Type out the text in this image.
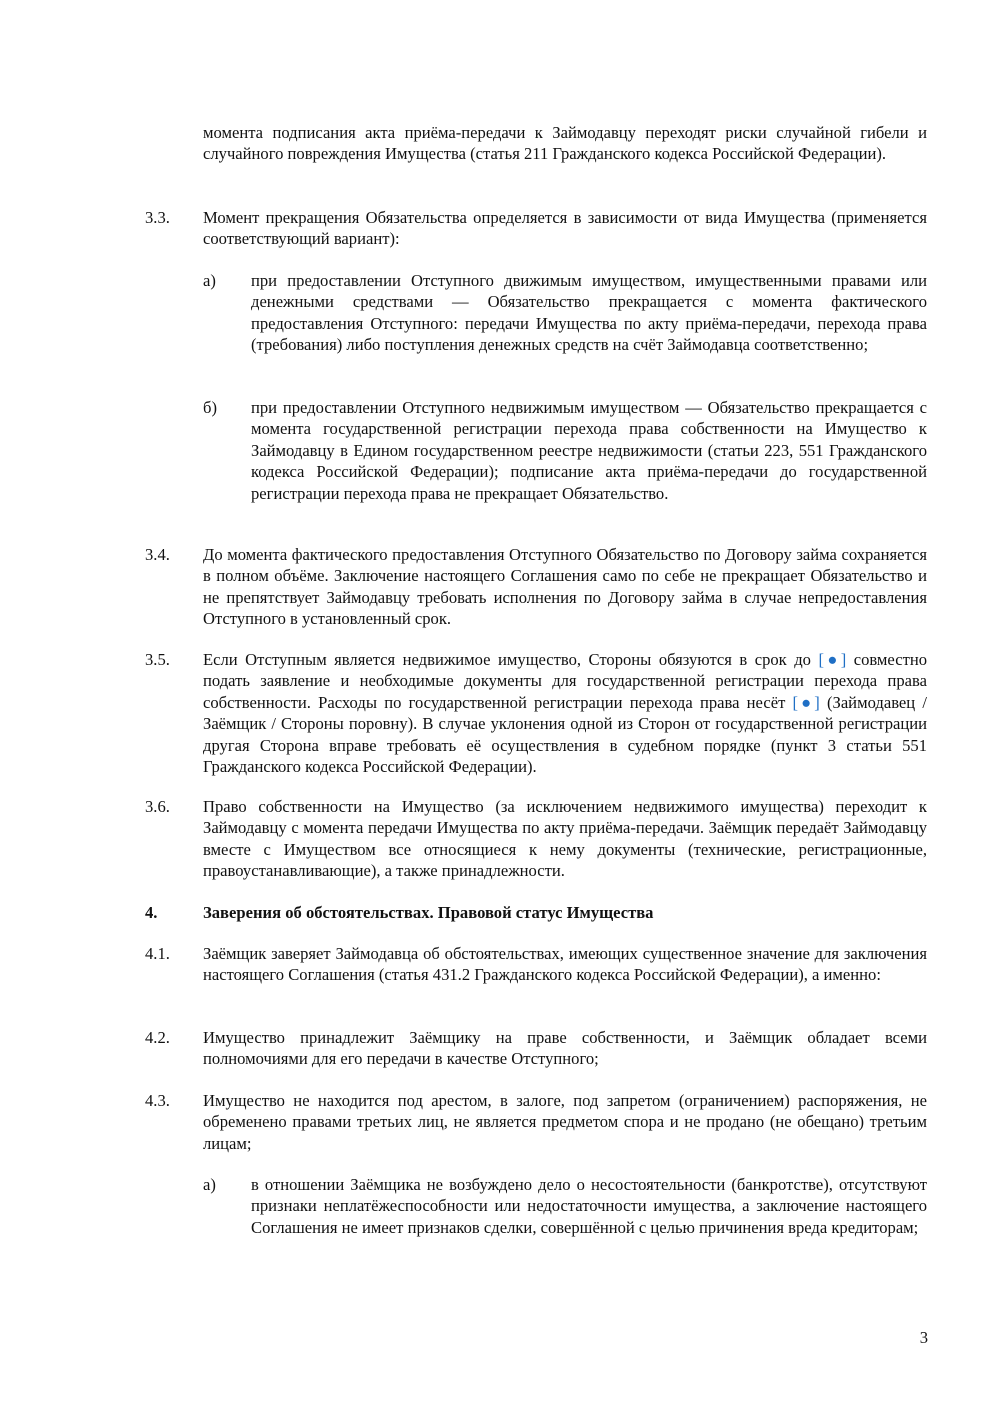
момента подписания акта приёма-передачи к Займодавцу переходят риски случайной гибели и случайного повреждения Имущества (статья 211 Гражданского кодекса Российской Федерации).
3.3.	Момент прекращения Обязательства определяется в зависимости от вида Имущества (применяется соответствующий вариант):
а)	при предоставлении Отступного движимым имуществом, имущественными правами или денежными средствами — Обязательство прекращается с момента фактического предоставления Отступного: передачи Имущества по акту приёма-передачи, перехода права (требования) либо поступления денежных средств на счёт Займодавца соответственно;
б)	при предоставлении Отступного недвижимым имуществом — Обязательство прекращается с момента государственной регистрации перехода права собственности на Имущество к Займодавцу в Едином государственном реестре недвижимости (статьи 223, 551 Гражданского кодекса Российской Федерации); подписание акта приёма-передачи до государственной регистрации перехода права не прекращает Обязательство.
3.4.	До момента фактического предоставления Отступного Обязательство по Договору займа сохраняется в полном объёме. Заключение настоящего Соглашения само по себе не прекращает Обязательство и не препятствует Займодавцу требовать исполнения по Договору займа в случае непредоставления Отступного в установленный срок.
3.5.	Если Отступным является недвижимое имущество, Стороны обязуются в срок до [●] совместно подать заявление и необходимые документы для государственной регистрации перехода права собственности. Расходы по государственной регистрации перехода права несёт [●] (Займодавец / Заёмщик / Стороны поровну). В случае уклонения одной из Сторон от государственной регистрации другая Сторона вправе требовать её осуществления в судебном порядке (пункт 3 статьи 551 Гражданского кодекса Российской Федерации).
3.6.	Право собственности на Имущество (за исключением недвижимого имущества) переходит к Займодавцу с момента передачи Имущества по акту приёма-передачи. Заёмщик передаёт Займодавцу вместе с Имуществом все относящиеся к нему документы (технические, регистрационные, правоустанавливающие), а также принадлежности.
4.	Заверения об обстоятельствах. Правовой статус Имущества
4.1.	Заёмщик заверяет Займодавца об обстоятельствах, имеющих существенное значение для заключения настоящего Соглашения (статья 431.2 Гражданского кодекса Российской Федерации), а именно:
4.2.	Имущество принадлежит Заёмщику на праве собственности, и Заёмщик обладает всеми полномочиями для его передачи в качестве Отступного;
4.3.	Имущество не находится под арестом, в залоге, под запретом (ограничением) распоряжения, не обременено правами третьих лиц, не является предметом спора и не продано (не обещано) третьим лицам;
а)	в отношении Заёмщика не возбуждено дело о несостоятельности (банкротстве), отсутствуют признаки неплатёжеспособности или недостаточности имущества, а заключение настоящего Соглашения не имеет признаков сделки, совершённой с целью причинения вреда кредиторам;
3
